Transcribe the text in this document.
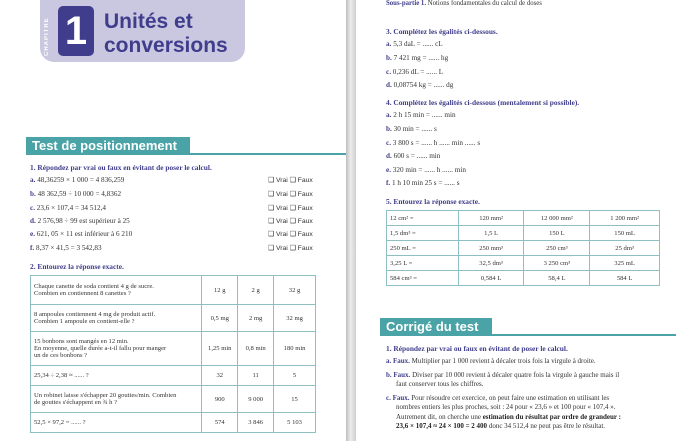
CHAPITRE 1 Unités et
conversions
Test de positionnement
1. Répondez par vrai ou faux en évitant de poser le calcul.
a. 48,36259 × 1 000 = 4 836,259	❑ Vrai ❑ Faux
b. 48 362,59 ÷ 10 000 = 4,8362	❑ Vrai ❑ Faux
c. 23,6 × 107,4 = 34 512,4	❑ Vrai ❑ Faux
d. 2 576,98 ÷ 99 est supérieur à 25	❑ Vrai ❑ Faux
e. 621, 05 × 11 est inférieur à 6 210	❑ Vrai ❑ Faux
f. 8,37 × 41,5 = 3 542,83	❑ Vrai ❑ Faux
2. Entourez la réponse exacte.
Chaque canette de soda contient 4 g de sucre.
Combien en contiennent 8 canettes ?	12 g	2 g	32 g
8 ampoules contiennent 4 mg de produit actif.
Combien 1 ampoule en contient-elle ?	0,5 mg	2 mg	32 mg
15 bonbons sont mangés en 12 min.
En moyenne, quelle durée a-t-il fallu pour manger
un de ces bonbons ?	1,25 min	0,8 min	180 min
25,34 ÷ 2,38 ≈ ...... ?	32	11	5
Un robinet laisse s'échapper 20 gouttes/min. Combien
de gouttes s'échappent en ¾ h ?	900	9 000	15
52,5 × 97,2 = ...... ?	574	3 846	5 103
Sous-partie 1. Notions fondamentales du calcul de doses
3. Complétez les égalités ci-dessous.
a. 5,3 daL = ...... cL
b. 7 421 mg = ...... hg
c. 0,236 dL = ...... L
d. 0,08754 kg = ...... dg
4. Complétez les égalités ci-dessous (mentalement si possible).
a. 2 h 15 min = ...... min
b. 30 min = ...... s
c. 3 800 s = ...... h ...... min ...... s
d. 600 s = ...... min
e. 320 min = ...... h ...... min
f. 1 h 10 min 25 s = ...... s
5. Entourez la réponse exacte.
12 cm² =	120 mm²	12 000 mm²	1 200 mm²
1,5 dm³ =	1,5 L	150 L	150 mL
250 mL =	250 mm³	250 cm³	25 dm³
3,25 L =	32,5 dm³	3 250 cm³	325 mL
584 cm³ =	0,584 L	58,4 L	584 L
Corrigé du test
1. Répondez par vrai ou faux en évitant de poser le calcul.
a. Faux. Multiplier par 1 000 revient à décaler trois fois la virgule à droite.
b. Faux. Diviser par 10 000 revient à décaler quatre fois la virgule à gauche mais il
faut conserver tous les chiffres.
c. Faux. Pour résoudre cet exercice, on peut faire une estimation en utilisant les
nombres entiers les plus proches, soit : 24 pour « 23,6 » et 100 pour « 107,4 ».
Autrement dit, on cherche une estimation du résultat par ordre de grandeur :
23,6 × 107,4 ≈ 24 × 100 = 2 400 donc 34 512,4 ne peut pas être le résultat.
